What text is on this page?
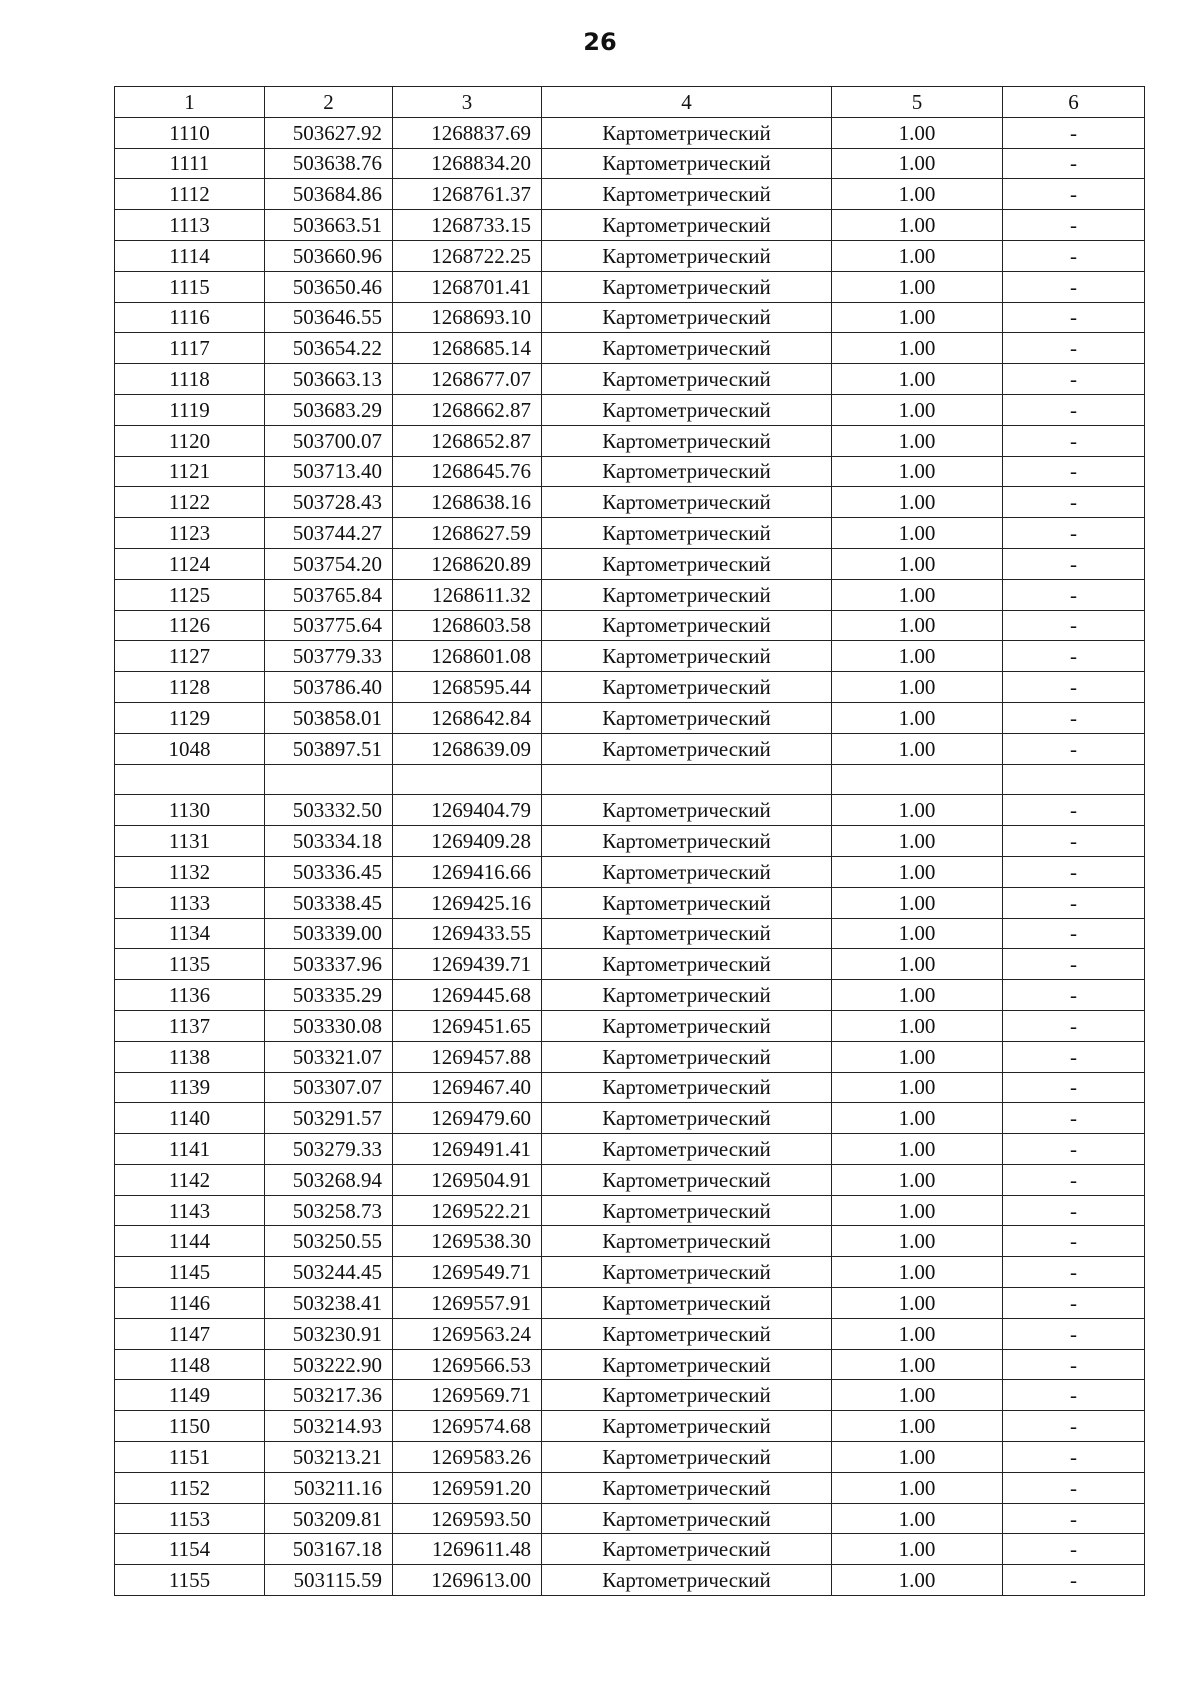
26
1	2	3	4	5	6
1110	503627.92	1268837.69	Картометрический	1.00	-
1111	503638.76	1268834.20	Картометрический	1.00	-
1112	503684.86	1268761.37	Картометрический	1.00	-
1113	503663.51	1268733.15	Картометрический	1.00	-
1114	503660.96	1268722.25	Картометрический	1.00	-
1115	503650.46	1268701.41	Картометрический	1.00	-
1116	503646.55	1268693.10	Картометрический	1.00	-
1117	503654.22	1268685.14	Картометрический	1.00	-
1118	503663.13	1268677.07	Картометрический	1.00	-
1119	503683.29	1268662.87	Картометрический	1.00	-
1120	503700.07	1268652.87	Картометрический	1.00	-
1121	503713.40	1268645.76	Картометрический	1.00	-
1122	503728.43	1268638.16	Картометрический	1.00	-
1123	503744.27	1268627.59	Картометрический	1.00	-
1124	503754.20	1268620.89	Картометрический	1.00	-
1125	503765.84	1268611.32	Картометрический	1.00	-
1126	503775.64	1268603.58	Картометрический	1.00	-
1127	503779.33	1268601.08	Картометрический	1.00	-
1128	503786.40	1268595.44	Картометрический	1.00	-
1129	503858.01	1268642.84	Картометрический	1.00	-
1048	503897.51	1268639.09	Картометрический	1.00	-

1130	503332.50	1269404.79	Картометрический	1.00	-
1131	503334.18	1269409.28	Картометрический	1.00	-
1132	503336.45	1269416.66	Картометрический	1.00	-
1133	503338.45	1269425.16	Картометрический	1.00	-
1134	503339.00	1269433.55	Картометрический	1.00	-
1135	503337.96	1269439.71	Картометрический	1.00	-
1136	503335.29	1269445.68	Картометрический	1.00	-
1137	503330.08	1269451.65	Картометрический	1.00	-
1138	503321.07	1269457.88	Картометрический	1.00	-
1139	503307.07	1269467.40	Картометрический	1.00	-
1140	503291.57	1269479.60	Картометрический	1.00	-
1141	503279.33	1269491.41	Картометрический	1.00	-
1142	503268.94	1269504.91	Картометрический	1.00	-
1143	503258.73	1269522.21	Картометрический	1.00	-
1144	503250.55	1269538.30	Картометрический	1.00	-
1145	503244.45	1269549.71	Картометрический	1.00	-
1146	503238.41	1269557.91	Картометрический	1.00	-
1147	503230.91	1269563.24	Картометрический	1.00	-
1148	503222.90	1269566.53	Картометрический	1.00	-
1149	503217.36	1269569.71	Картометрический	1.00	-
1150	503214.93	1269574.68	Картометрический	1.00	-
1151	503213.21	1269583.26	Картометрический	1.00	-
1152	503211.16	1269591.20	Картометрический	1.00	-
1153	503209.81	1269593.50	Картометрический	1.00	-
1154	503167.18	1269611.48	Картометрический	1.00	-
1155	503115.59	1269613.00	Картометрический	1.00	-
